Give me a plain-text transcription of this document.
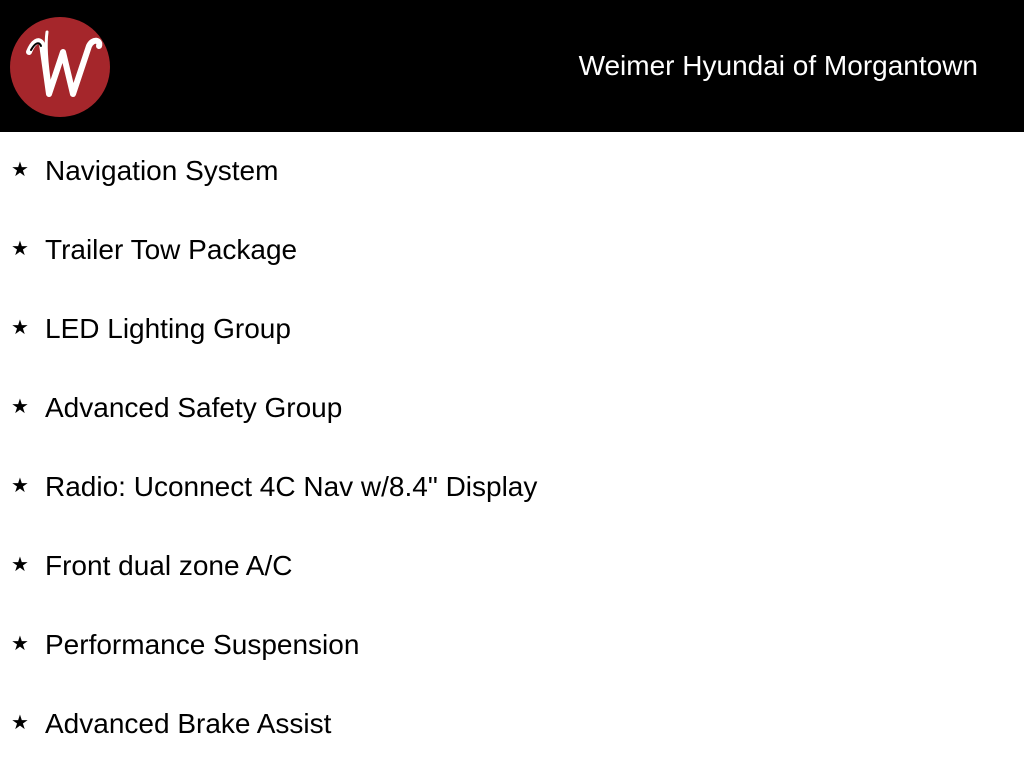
Weimer Hyundai of Morgantown
★ Navigation System
★ Trailer Tow Package
★ LED Lighting Group
★ Advanced Safety Group
★ Radio: Uconnect 4C Nav w/8.4" Display
★ Front dual zone A/C
★ Performance Suspension
★ Advanced Brake Assist
